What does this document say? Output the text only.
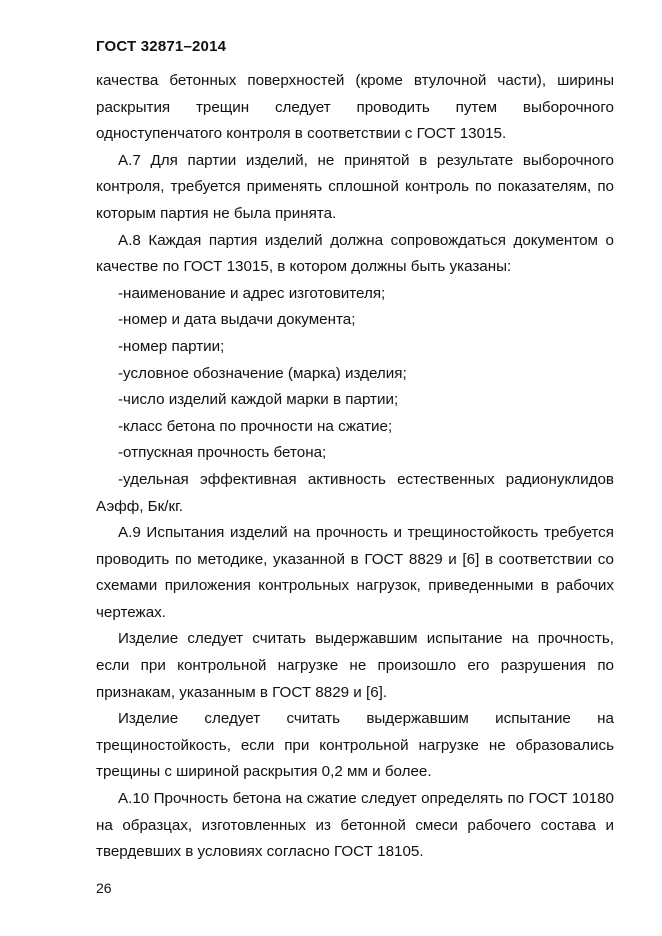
ГОСТ 32871–2014

качества бетонных поверхностей (кроме втулочной части), ширины раскрытия трещин следует проводить путем выборочного одноступенчатого контроля в соответствии с ГОСТ 13015.

А.7 Для партии изделий, не принятой в результате выборочного контроля, требуется применять сплошной контроль по показателям, по которым партия не была принята.

А.8 Каждая партия изделий должна сопровождаться документом о качестве по ГОСТ 13015, в котором должны быть указаны:

-наименование и адрес изготовителя;

-номер и дата выдачи документа;

-номер партии;

-условное обозначение (марка) изделия;

-число изделий каждой марки в партии;

-класс бетона по прочности на сжатие;

-отпускная прочность бетона;

-удельная эффективная активность естественных радионуклидов Аэфф, Бк/кг.

А.9 Испытания изделий на прочность и трещиностойкость требуется проводить по методике, указанной в ГОСТ 8829 и [6] в соответствии со схемами приложения контрольных нагрузок, приведенными в рабочих чертежах.

Изделие следует считать выдержавшим испытание на прочность, если при контрольной нагрузке не произошло его разрушения по признакам, указанным в ГОСТ 8829 и [6].

Изделие следует считать выдержавшим испытание на трещиностойкость, если при контрольной нагрузке не образовались трещины с шириной раскрытия 0,2 мм и более.

А.10 Прочность бетона на сжатие следует определять по ГОСТ 10180 на образцах, изготовленных из бетонной смеси рабочего состава и твердевших в условиях согласно ГОСТ 18105.

26
